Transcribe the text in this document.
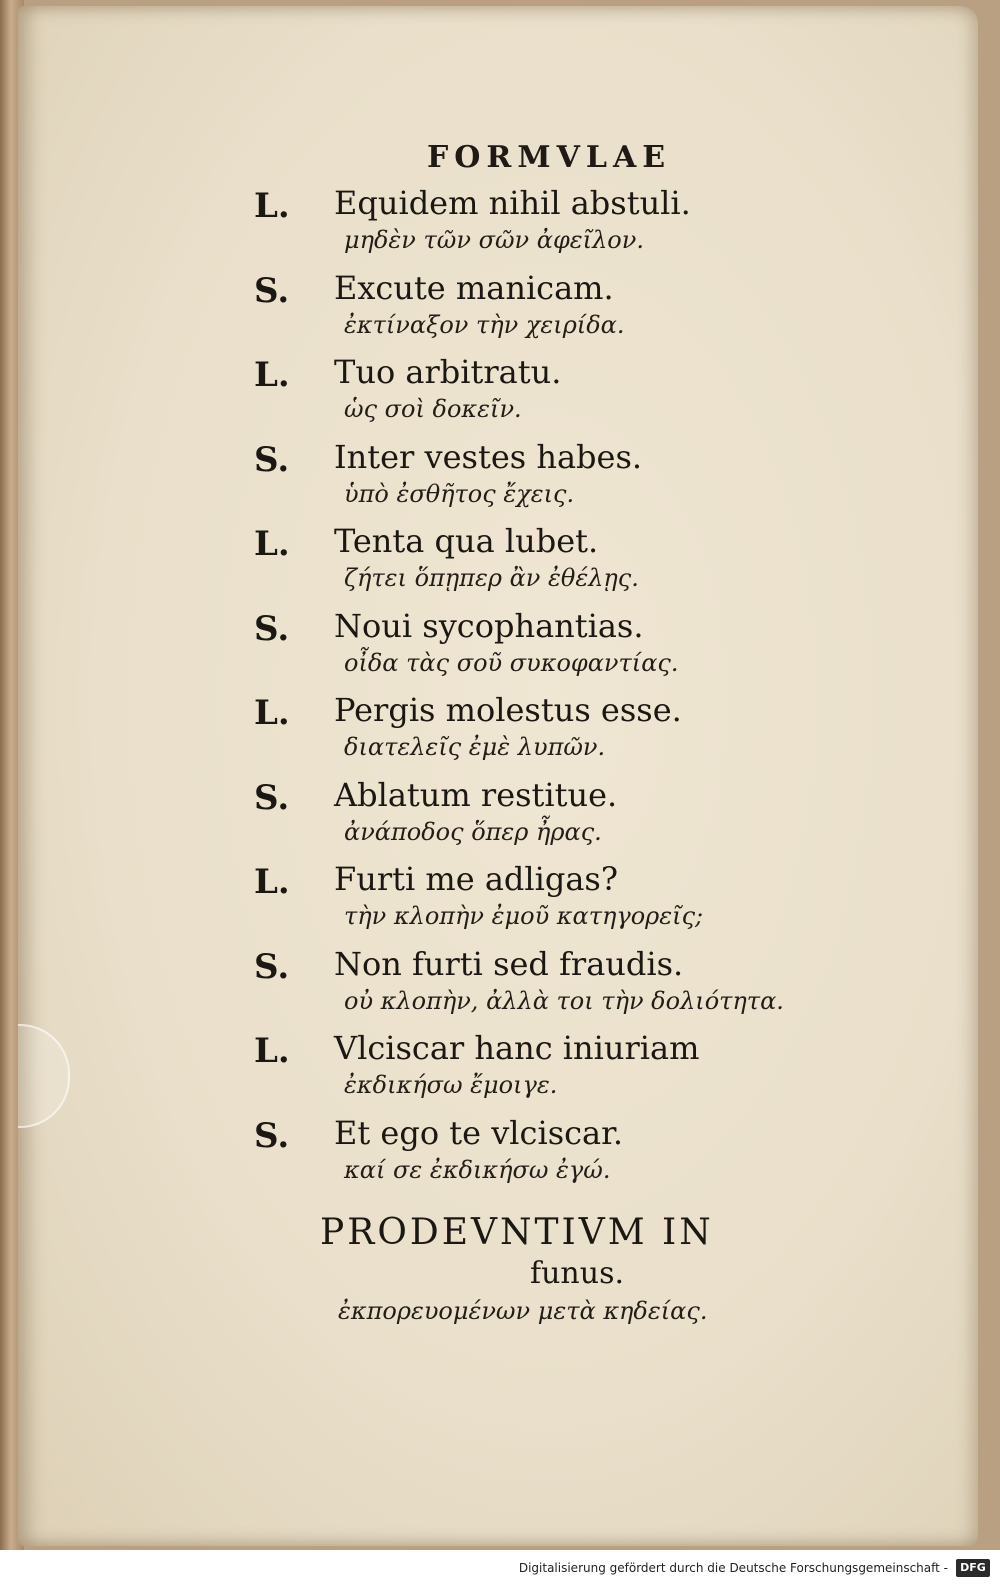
FORMVLAE
L. Equidem nihil abstuli.
μηδὲν τῶν σῶν ἀφεῖλον.
S. Excute manicam.
ἐκτίναξον τὴν χειρίδα.
L. Tuo arbitratu.
ὡς σοὶ δοκεῖν.
S. Inter vestes habes.
ὑπὸ ἐσθῆτος ἔχεις.
L. Tenta qua lubet.
ζήτει ὅπῃπερ ἂν ἐθέλῃς.
S. Noui sycophantias.
οἶδα τὰς σοῦ συκοφαντίας.
L. Pergis molestus esse.
διατελεῖς ἐμὲ λυπῶν.
S. Ablatum restitue.
ἀνάποδος ὅπερ ἦρας.
L. Furti me adligas?
τὴν κλοπὴν ἐμοῦ κατηγορεῖς;
S. Non furti sed fraudis.
οὐ κλοπὴν, ἀλλὰ τοι τὴν δολιότητα.
L. Vlciscar hanc iniuriam
ἐκδικήσω ἔμοιγε.
S. Et ego te vlciscar.
καί σε ἐκδικήσω ἐγώ.
PRODEVNTIVM IN
funus.
ἐκπορευομένων μετὰ κηδείας.
Digitalisierung gefördert durch die Deutsche Forschungsgemeinschaft -	DFG
